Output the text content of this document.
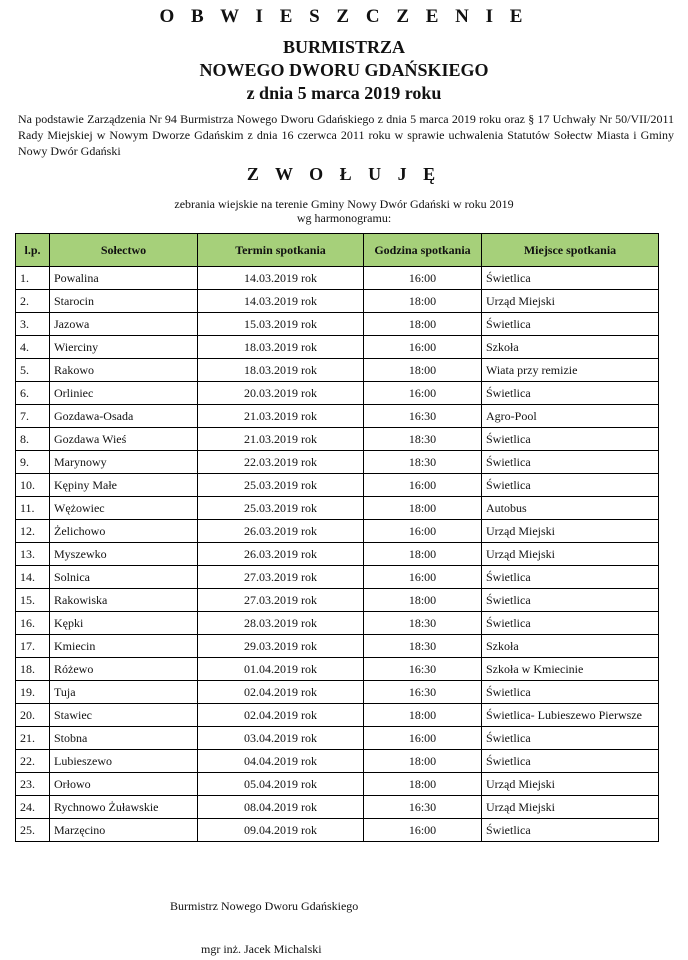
O B W I E S Z C Z E N I E
BURMISTRZA
NOWEGO DWORU GDAŃSKIEGO
z dnia 5 marca 2019 roku
Na podstawie Zarządzenia Nr 94 Burmistrza Nowego Dworu Gdańskiego z dnia 5 marca 2019 roku oraz § 17 Uchwały Nr 50/VII/2011 Rady Miejskiej w Nowym Dworze Gdańskim z dnia 16 czerwca 2011 roku w sprawie uchwalenia Statutów Sołectw Miasta i Gminy Nowy Dwór Gdański
Z W O Ł U J Ę
zebrania wiejskie na terenie Gminy Nowy Dwór Gdański w roku 2019
wg harmonogramu:
l.p.	Sołectwo	Termin spotkania	Godzina spotkania	Miejsce spotkania
1.	Powalina	14.03.2019 rok	16:00	Świetlica
2.	Starocin	14.03.2019 rok	18:00	Urząd Miejski
3.	Jazowa	15.03.2019 rok	18:00	Świetlica
4.	Wierciny	18.03.2019 rok	16:00	Szkoła
5.	Rakowo	18.03.2019 rok	18:00	Wiata przy remizie
6.	Orliniec	20.03.2019 rok	16:00	Świetlica
7.	Gozdawa-Osada	21.03.2019 rok	16:30	Agro-Pool
8.	Gozdawa Wieś	21.03.2019 rok	18:30	Świetlica
9.	Marynowy	22.03.2019 rok	18:30	Świetlica
10.	Kępiny Małe	25.03.2019 rok	16:00	Świetlica
11.	Wężowiec	25.03.2019 rok	18:00	Autobus
12.	Żelichowo	26.03.2019 rok	16:00	Urząd Miejski
13.	Myszewko	26.03.2019 rok	18:00	Urząd Miejski
14.	Solnica	27.03.2019 rok	16:00	Świetlica
15.	Rakowiska	27.03.2019 rok	18:00	Świetlica
16.	Kępki	28.03.2019 rok	18:30	Świetlica
17.	Kmiecin	29.03.2019 rok	18:30	Szkoła
18.	Różewo	01.04.2019 rok	16:30	Szkoła w Kmiecinie
19.	Tuja	02.04.2019 rok	16:30	Świetlica
20.	Stawiec	02.04.2019 rok	18:00	Świetlica- Lubieszewo Pierwsze
21.	Stobna	03.04.2019 rok	16:00	Świetlica
22.	Lubieszewo	04.04.2019 rok	18:00	Świetlica
23.	Orłowo	05.04.2019 rok	18:00	Urząd Miejski
24.	Rychnowo Żuławskie	08.04.2019 rok	16:30	Urząd Miejski
25.	Marzęcino	09.04.2019 rok	16:00	Świetlica
Burmistrz Nowego Dworu Gdańskiego
mgr inż. Jacek Michalski
